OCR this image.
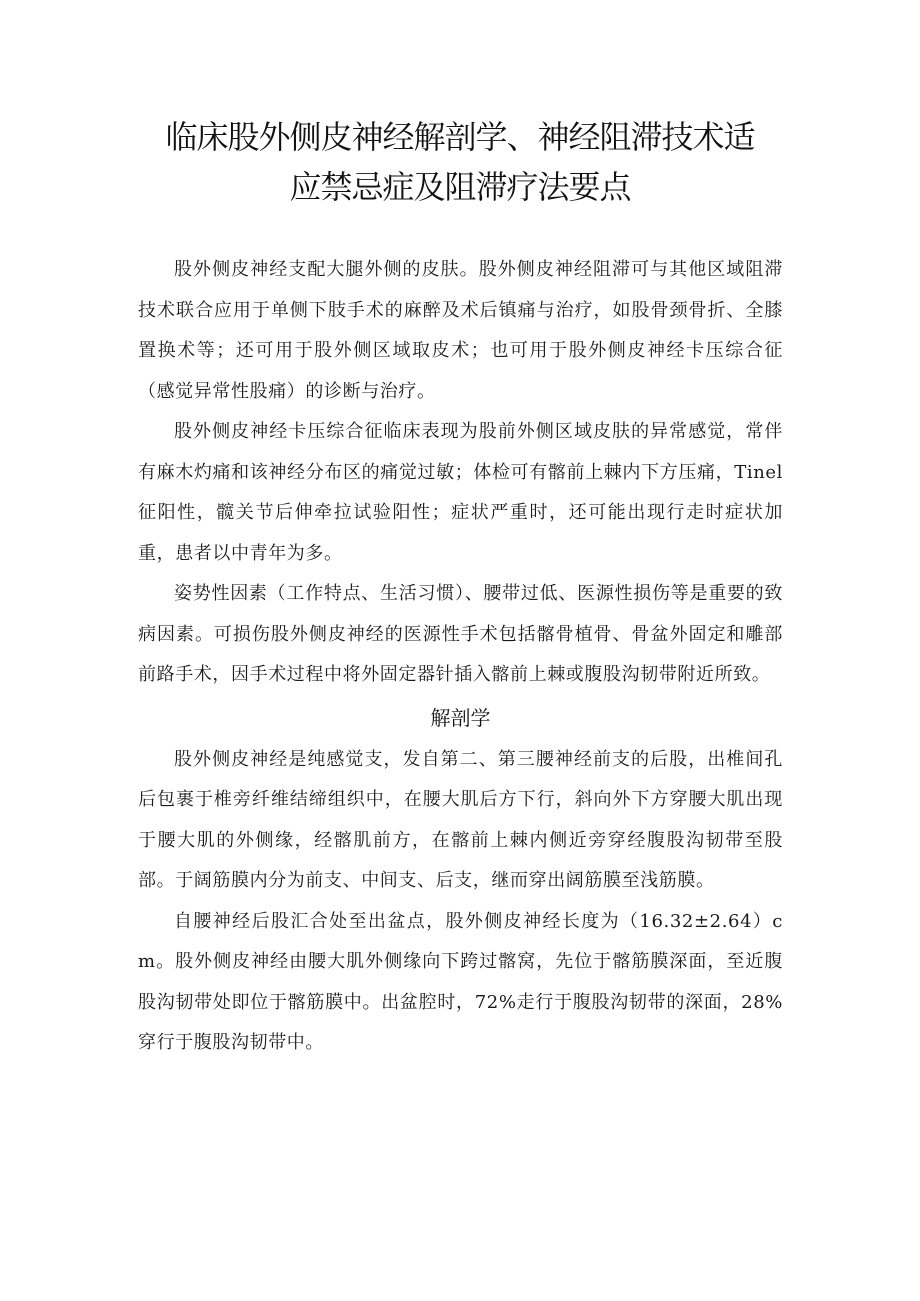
临床股外侧皮神经解剖学、神经阻滞技术适
应禁忌症及阻滞疗法要点

股外侧皮神经支配大腿外侧的皮肤。股外侧皮神经阻滞可与其他区域阻滞技术联合应用于单侧下肢手术的麻醉及术后镇痛与治疗，如股骨颈骨折、全膝置换术等；还可用于股外侧区域取皮术；也可用于股外侧皮神经卡压综合征（感觉异常性股痛）的诊断与治疗。

股外侧皮神经卡压综合征临床表现为股前外侧区域皮肤的异常感觉，常伴有麻木灼痛和该神经分布区的痛觉过敏；体检可有髂前上棘内下方压痛，Tinel征阳性，髋关节后伸牵拉试验阳性；症状严重时，还可能出现行走时症状加重，患者以中青年为多。

姿势性因素（工作特点、生活习惯）、腰带过低、医源性损伤等是重要的致病因素。可损伤股外侧皮神经的医源性手术包括髂骨植骨、骨盆外固定和雕部前路手术，因手术过程中将外固定器针插入髂前上棘或腹股沟韧带附近所致。

解剖学

股外侧皮神经是纯感觉支，发自第二、第三腰神经前支的后股，出椎间孔后包裹于椎旁纤维结缔组织中，在腰大肌后方下行，斜向外下方穿腰大肌出现于腰大肌的外侧缘，经髂肌前方，在髂前上棘内侧近旁穿经腹股沟韧带至股部。于阔筋膜内分为前支、中间支、后支，继而穿出阔筋膜至浅筋膜。

自腰神经后股汇合处至出盆点，股外侧皮神经长度为（16.32±2.64）cm。股外侧皮神经由腰大肌外侧缘向下跨过髂窝，先位于髂筋膜深面，至近腹股沟韧带处即位于髂筋膜中。出盆腔时，72%走行于腹股沟韧带的深面，28%穿行于腹股沟韧带中。
